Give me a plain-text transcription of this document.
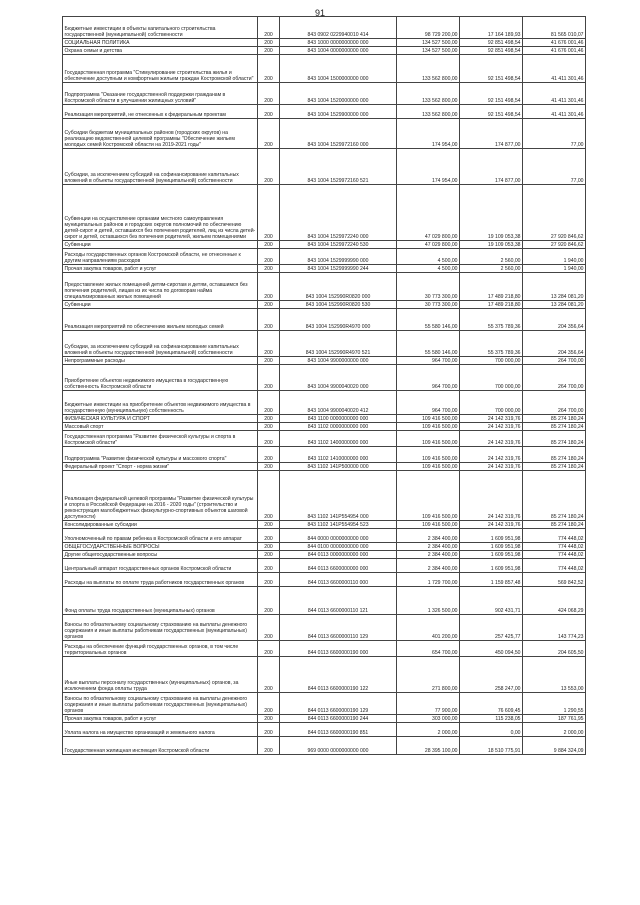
91
Бюджетные инвестиции в объекты капитального строительства государственной (муниципальной) собственности	200	843 0902 0229940010 414	98 729 200,00	17 164 189,93	81 565 010,07
СОЦИАЛЬНАЯ ПОЛИТИКА	200	843 1000 0000000000 000	134 527 500,00	92 851 498,54	41 676 001,46
Охрана семьи и детства	200	843 1004 0000000000 000	134 527 500,00	92 851 498,54	41 676 001,46
Государственная программа "Стимулирование строительства жилья и обеспечение доступным и комфортным жильем граждан Костромской области"	200	843 1004 1500000000 000	133 562 800,00	92 151 498,54	41 411 301,46
Подпрограмма "Оказание государственной поддержки гражданам в Костромской области в улучшении жилищных условий"	200	843 1004 1520000000 000	133 562 800,00	92 151 498,54	41 411 301,46
Реализация мероприятий, не отнесенных к федеральным проектам	200	843 1004 1529900000 000	133 562 800,00	92 151 498,54	41 411 301,46
Субсидии бюджетам муниципальных районов (городских округов) на реализацию ведомственной целевой программы "Обеспечение жильем молодых семей Костромской области на 2019-2021 годы"	200	843 1004 1529972160 000	174 954,00	174 877,00	77,00
Субсидии, за исключением субсидий на софинансирование капитальных вложений в объекты государственной (муниципальной) собственности	200	843 1004 1529972160 521	174 954,00	174 877,00	77,00
Субвенции на осуществление органами местного самоуправления муниципальных районов и городских округов полномочий по обеспечению детей-сирот и детей, оставшихся без попечения родителей, лиц из числа детей-сирот и детей, оставшихся без попечения родителей, жильем помещениями	200	843 1004 1529972240 000	47 029 800,00	19 109 053,38	27 920 846,62
Субвенции	200	843 1004 1529972240 530	47 029 800,00	19 109 053,38	27 920 846,62
Расходы государственных органов Костромской области, не отнесенные к другим направлениям расходов	200	843 1004 1529999990 000	4 500,00	2 560,00	1 940,00
Прочая закупка товаров, работ и услуг	200	843 1004 1529999990 244	4 500,00	2 560,00	1 940,00
Предоставление жилых помещений детям-сиротам и детям, оставшимся без попечения родителей, лицам из их числа по договорам найма специализированных жилых помещений	200	843 1004 152990R0820 000	30 773 300,00	17 489 218,80	13 284 081,20
Субвенции	200	843 1004 152990R0820 530	30 773 300,00	17 489 218,80	13 284 081,20
Реализация мероприятий по обеспечению жильем молодых семей	200	843 1004 152990R4970 000	55 580 146,00	55 375 789,36	204 356,64
Субсидии, за исключением субсидий на софинансирование капитальных вложений в объекты государственной (муниципальной) собственности	200	843 1004 152990R4970 521	55 580 146,00	55 375 789,36	204 356,64
Непрограммные расходы	200	843 1004 9900000000 000	964 700,00	700 000,00	264 700,00
Приобретение объектов недвижимого имущества в государственную собственность Костромской области	200	843 1004 9900040020 000	964 700,00	700 000,00	264 700,00
Бюджетные инвестиции на приобретение объектов недвижимого имущества в государственную (муниципальную) собственность	200	843 1004 9900040020 412	964 700,00	700 000,00	264 700,00
ФИЗИЧЕСКАЯ КУЛЬТУРА И СПОРТ	200	843 1100 0000000000 000	109 416 500,00	24 142 319,76	85 274 180,24
Массовый спорт	200	843 1102 0000000000 000	109 416 500,00	24 142 319,76	85 274 180,24
Государственная программа "Развитие физической культуры и спорта в Костромской области"	200	843 1102 1400000000 000	109 416 500,00	24 142 319,76	85 274 180,24
Подпрограмма "Развитие физической культуры и массового спорта"	200	843 1102 1410000000 000	109 416 500,00	24 142 319,76	85 274 180,24
Федеральный проект "Спорт - норма жизни"	200	843 1102 141P500000 000	109 416 500,00	24 142 319,76	85 274 180,24
Реализация федеральной целевой программы "Развитие физической культуры и спорта в Российской Федерации на 2016 - 2020 годы" (строительство и реконструкция малобюджетных физкультурно-спортивных объектов шаговой доступности)	200	843 1102 141P554954 000	109 416 500,00	24 142 319,76	85 274 180,24
Консолидированные субсидии	200	843 1102 141P554954 523	109 416 500,00	24 142 319,76	85 274 180,24
Уполномоченный по правам ребенка в Костромской области и его аппарат	200	844 0000 0000000000 000	2 384 400,00	1 609 951,98	774 448,02
ОБЩЕГОСУДАРСТВЕННЫЕ ВОПРОСЫ	200	844 0100 0000000000 000	2 384 400,00	1 609 951,98	774 448,02
Другие общегосударственные вопросы	200	844 0113 0000000000 000	2 384 400,00	1 609 951,98	774 448,02
Центральный аппарат государственных органов Костромской области	200	844 0113 6600000000 000	2 384 400,00	1 609 951,98	774 448,02
Расходы на выплаты по оплате труда работников государственных органов	200	844 0113 6600000110 000	1 729 700,00	1 159 857,48	569 842,52
Фонд оплаты труда государственных (муниципальных) органов	200	844 0113 6600000110 121	1 326 500,00	902 431,71	424 068,29
Взносы по обязательному социальному страхованию на выплаты денежного содержания и иные выплаты работникам государственных (муниципальных) органов	200	844 0113 6600000110 129	401 200,00	257 425,77	143 774,23
Расходы на обеспечение функций государственных органов, в том числе территориальных органов	200	844 0113 6600000190 000	654 700,00	450 094,50	204 605,50
Иные выплаты персоналу государственных (муниципальных) органов, за исключением фонда оплаты труда	200	844 0113 6600000190 122	271 800,00	258 247,00	13 553,00
Взносы по обязательному социальному страхованию на выплаты денежного содержания и иные выплаты работникам государственных (муниципальных) органов	200	844 0113 6600000190 129	77 900,00	76 609,45	1 290,55
Прочая закупка товаров, работ и услуг	200	844 0113 6600000190 244	303 000,00	115 238,05	187 761,95
Уплата налога на имущество организаций и земельного налога	200	844 0113 6600000190 851	2 000,00	0,00	2 000,00
Государственная жилищная инспекция Костромской области	200	969 0000 0000000000 000	28 395 100,00	18 510 775,91	9 884 324,09
